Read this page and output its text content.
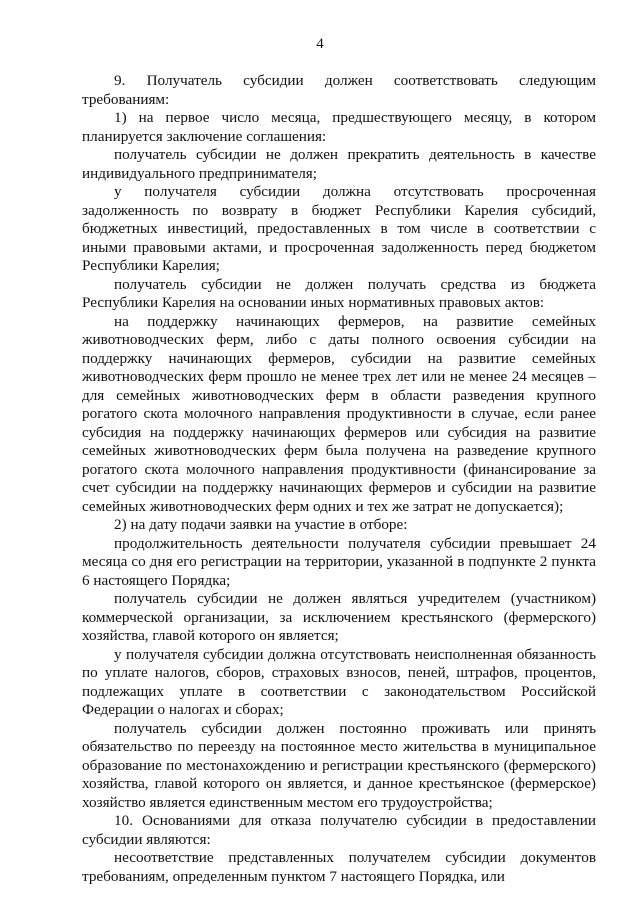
4

9. Получатель субсидии должен соответствовать следующим требованиям:

1) на первое число месяца, предшествующего месяцу, в котором планируется заключение соглашения:

получатель субсидии не должен прекратить деятельность в качестве индивидуального предпринимателя;

у получателя субсидии должна отсутствовать просроченная задолженность по возврату в бюджет Республики Карелия субсидий, бюджетных инвестиций, предоставленных в том числе в соответствии с иными правовыми актами, и просроченная задолженность перед бюджетом Республики Карелия;

получатель субсидии не должен получать средства из бюджета Республики Карелия на основании иных нормативных правовых актов:

на поддержку начинающих фермеров, на развитие семейных животноводческих ферм, либо с даты полного освоения субсидии на поддержку начинающих фермеров, субсидии на развитие семейных животноводческих ферм прошло не менее трех лет или не менее 24 месяцев – для семейных животноводческих ферм в области разведения крупного рогатого скота молочного направления продуктивности в случае, если ранее субсидия на поддержку начинающих фермеров или субсидия на развитие семейных животноводческих ферм была получена на разведение крупного рогатого скота молочного направления продуктивности (финансирование за счет субсидии на поддержку начинающих фермеров и субсидии на развитие семейных животноводческих ферм одних и тех же затрат не допускается);

2) на дату подачи заявки на участие в отборе:

продолжительность деятельности получателя субсидии превышает 24 месяца со дня его регистрации на территории, указанной в подпункте 2 пункта 6 настоящего Порядка;

получатель субсидии не должен являться учредителем (участником) коммерческой организации, за исключением крестьянского (фермерского) хозяйства, главой которого он является;

у получателя субсидии должна отсутствовать неисполненная обязанность по уплате налогов, сборов, страховых взносов, пеней, штрафов, процентов, подлежащих уплате в соответствии с законодательством Российской Федерации о налогах и сборах;

получатель субсидии должен постоянно проживать или принять обязательство по переезду на постоянное место жительства в муниципальное образование по местонахождению и регистрации крестьянского (фермерского) хозяйства, главой которого он является, и данное крестьянское (фермерское) хозяйство является единственным местом его трудоустройства;

10. Основаниями для отказа получателю субсидии в предоставлении субсидии являются:

несоответствие представленных получателем субсидии документов требованиям, определенным пунктом 7 настоящего Порядка, или
